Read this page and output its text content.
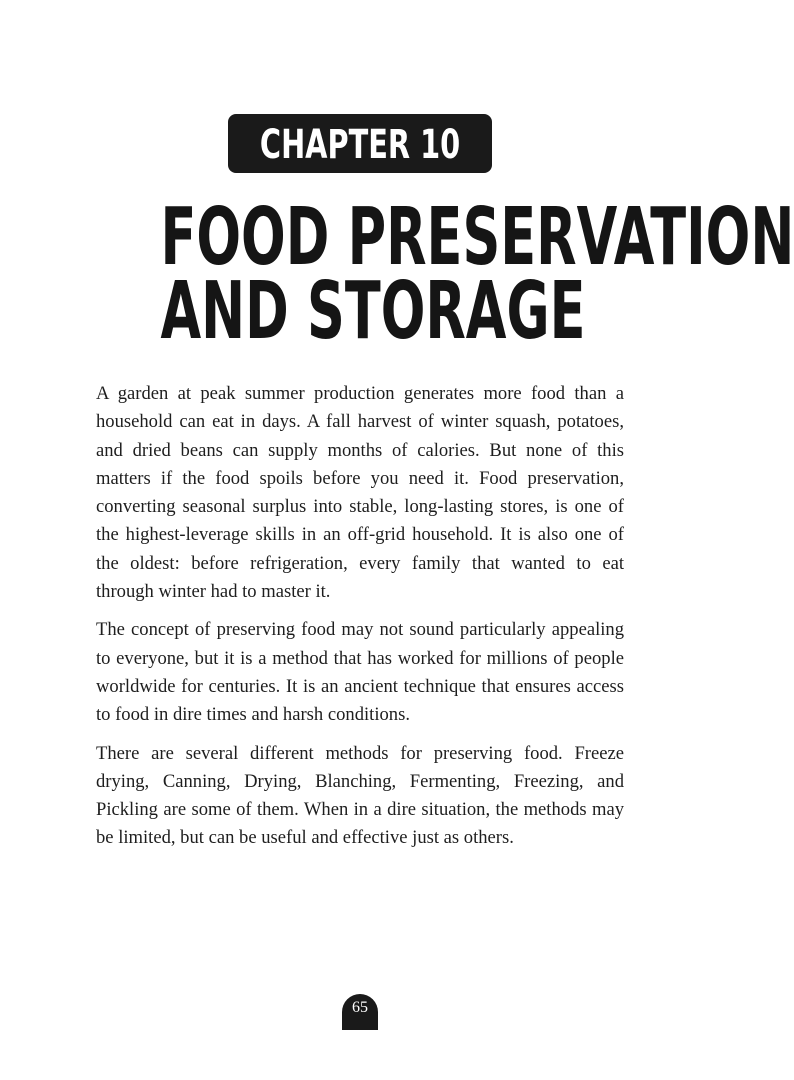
CHAPTER 10
FOOD PRESERVATION
AND STORAGE

A garden at peak summer production generates more food than a household can eat in days. A fall harvest of winter squash, potatoes, and dried beans can supply months of calories. But none of this matters if the food spoils before you need it. Food preservation, converting seasonal surplus into stable, long-lasting stores, is one of the highest-leverage skills in an off-grid household. It is also one of the oldest: before refrigeration, every family that wanted to eat through winter had to master it.

The concept of preserving food may not sound particularly appealing to everyone, but it is a method that has worked for millions of people worldwide for centuries. It is an ancient technique that ensures access to food in dire times and harsh conditions.

There are several different methods for preserving food. Freeze drying, Canning, Drying, Blanching, Fermenting, Freezing, and Pickling are some of them. When in a dire situation, the methods may be limited, but can be useful and effective just as others.

65
